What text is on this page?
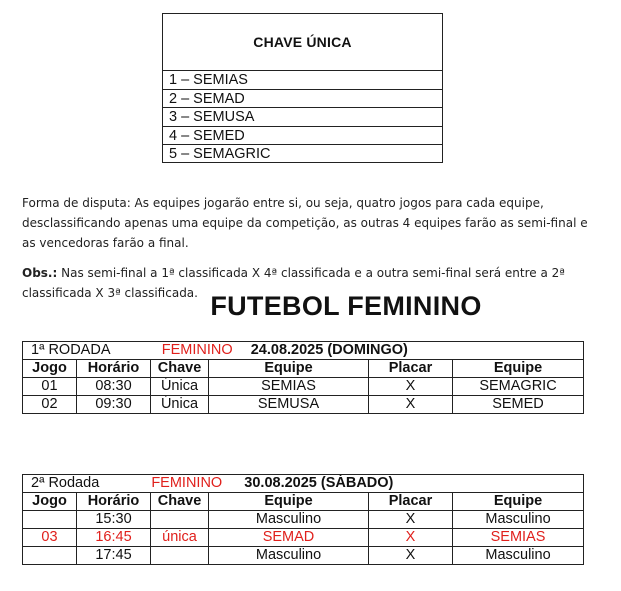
CHAVE ÚNICA
1 – SEMIAS
2 – SEMAD
3 – SEMUSA
4 – SEMED
5 – SEMAGRIC
Forma de disputa: As equipes jogarão entre si, ou seja, quatro jogos para cada equipe,
desclassificando apenas uma equipe da competição, as outras 4 equipes farão as semi-final e
as vencedoras farão a final.
Obs.: Nas semi-final a 1ª classificada X 4ª classificada e a outra semi-final será entre a 2ª
classificada X 3ª classificada. FUTEBOL FEMININO
1ª RODADA FEMININO 24.08.2025 (DOMINGO)					
Jogo	Horário	Chave	Equipe	Placar	Equipe
01	08:30	Única	SEMIAS	X	SEMAGRIC
02	09:30	Única	SEMUSA	X	SEMED
2ª Rodada FEMININO 30.08.2025 (SÁBADO)					
Jogo	Horário	Chave	Equipe	Placar	Equipe
	15:30		Masculino	X	Masculino
03	16:45	única	SEMAD	X	SEMIAS
	17:45		Masculino	X	Masculino
